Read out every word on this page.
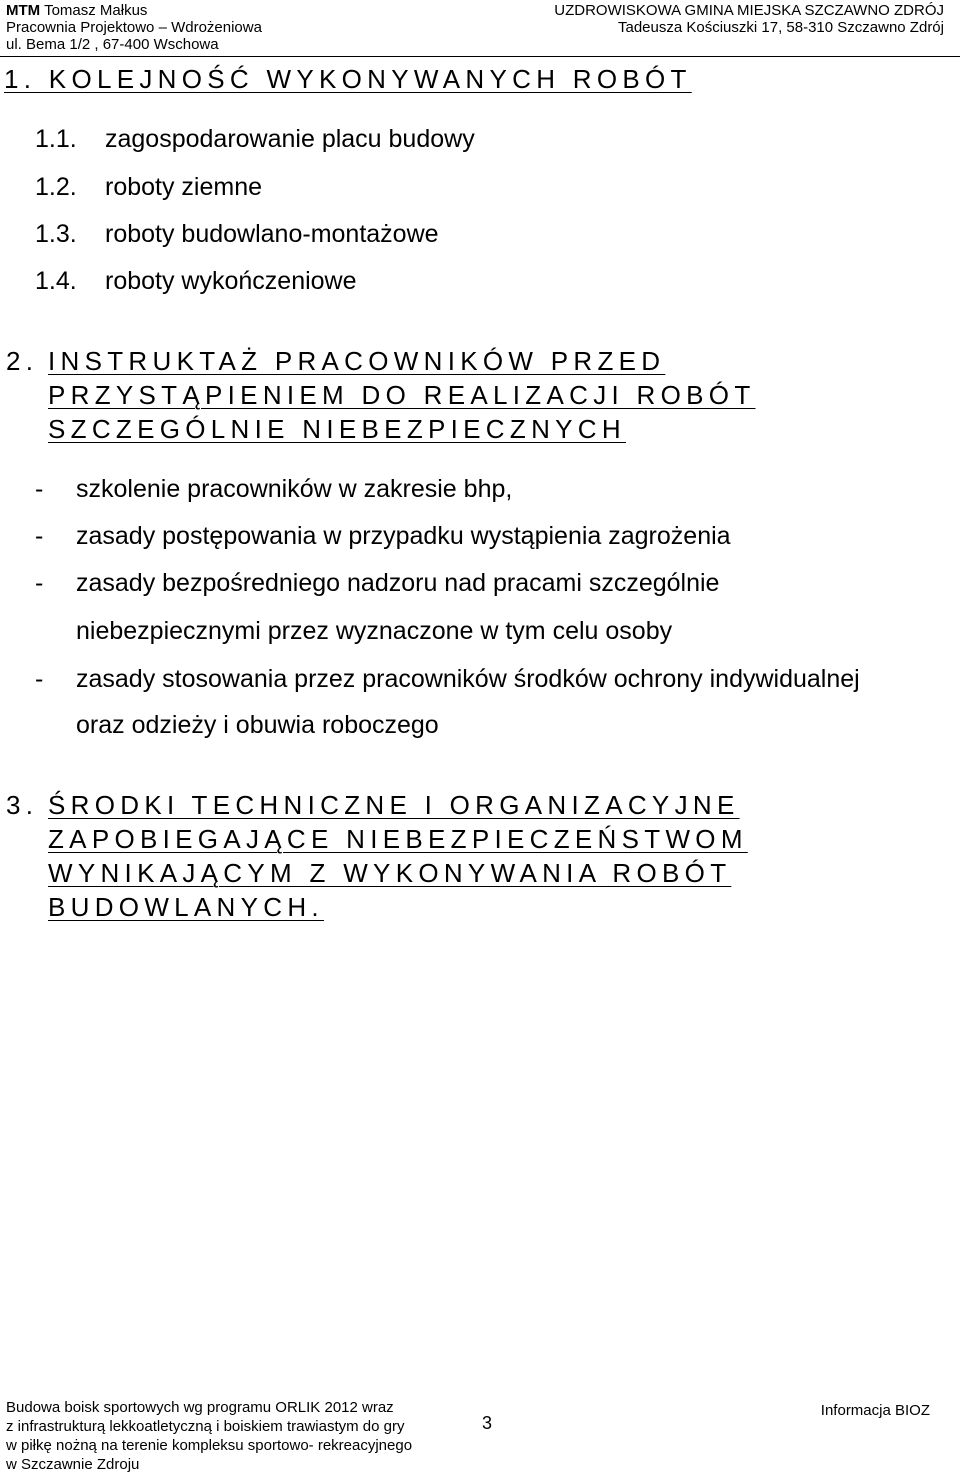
MTM Tomasz Małkus
Pracownia Projektowo – Wdrożeniowa
ul. Bema 1/2 , 67-400 Wschowa
UZDROWISKOWA GMINA MIEJSKA SZCZAWNO ZDRÓJ
Tadeusza Kościuszki 17, 58-310 Szczawno Zdrój
1. KOLEJNOŚĆ WYKONYWANYCH ROBÓT
1.1. zagospodarowanie placu budowy
1.2. roboty ziemne
1.3. roboty budowlano-montażowe
1.4. roboty wykończeniowe
2. INSTRUKTAŻ PRACOWNIKÓW PRZED
PRZYSTĄPIENIEM DO REALIZACJI ROBÓT
SZCZEGÓLNIE NIEBEZPIECZNYCH
- szkolenie pracowników w zakresie bhp,
- zasady postępowania w przypadku wystąpienia zagrożenia
- zasady bezpośredniego nadzoru nad pracami szczególnie
niebezpiecznymi przez wyznaczone w tym celu osoby
- zasady stosowania przez pracowników środków ochrony indywidualnej
oraz odzieży i obuwia roboczego
3. ŚRODKI TECHNICZNE I ORGANIZACYJNE
ZAPOBIEGAJĄCE NIEBEZPIECZEŃSTWOM
WYNIKAJĄCYM Z WYKONYWANIA ROBÓT
BUDOWLANYCH.
Budowa boisk sportowych wg programu ORLIK 2012 wraz
z infrastrukturą lekkoatletyczną i boiskiem trawiastym do gry
w piłkę nożną na terenie kompleksu sportowo- rekreacyjnego
w Szczawnie Zdroju
3
Informacja BIOZ
